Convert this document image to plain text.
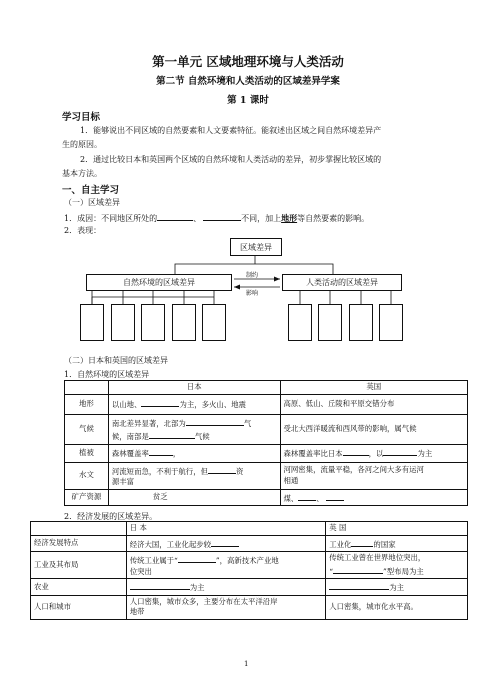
第一单元 区域地理环境与人类活动
第二节 自然环境和人类活动的区域差异学案
第 1 课时
学习目标
1．能够说出不同区域的自然要素和人文要素特征。能叙述出区域之间自然环境差异产
生的原因。
2．通过比较日本和英国两个区域的自然环境和人类活动的差异，初步掌握比较区域的
基本方法。
一、自主学习
（一）区域差异
1．成因：不同地区所处的	、	不同，加上地形等自然要素的影响。
2．表现：
区域差异
自然环境的区域差异	人类活动的区域差异
制约
影响
（二）日本和英国的区域差异
1．自然环境的区域差异
	日本	英国
地形	以山地、 为主，多火山、地震	高原、低山、丘陵和平原交错分布
气候	南北差异显著，北部为 气
候，南部是 气候	受北大西洋暖流和西风带的影响，属气候
植被	森林覆盖率 ，	森林覆盖率比日本 ，以 为主
水文	河流短而急，不利于航行，但 资
源丰富	河网密集，流量平稳，各河之间大多有运河
相通
矿产资源	贫乏	煤、 、
2．经济发展的区域差异。
	日 本	英 国
经济发展特点	经济大国，工业化起步较	工业化 的国家
工业及其布局	传统工业属于“ ”，高新技术产业地
位突出	传统工业曾在世界地位突出，
“ ”型布局为主
农业	为主	为主
人口和城市	人口密集，城市众多，主要分布在太平洋沿岸
地带	人口密集，城市化水平高。
1
